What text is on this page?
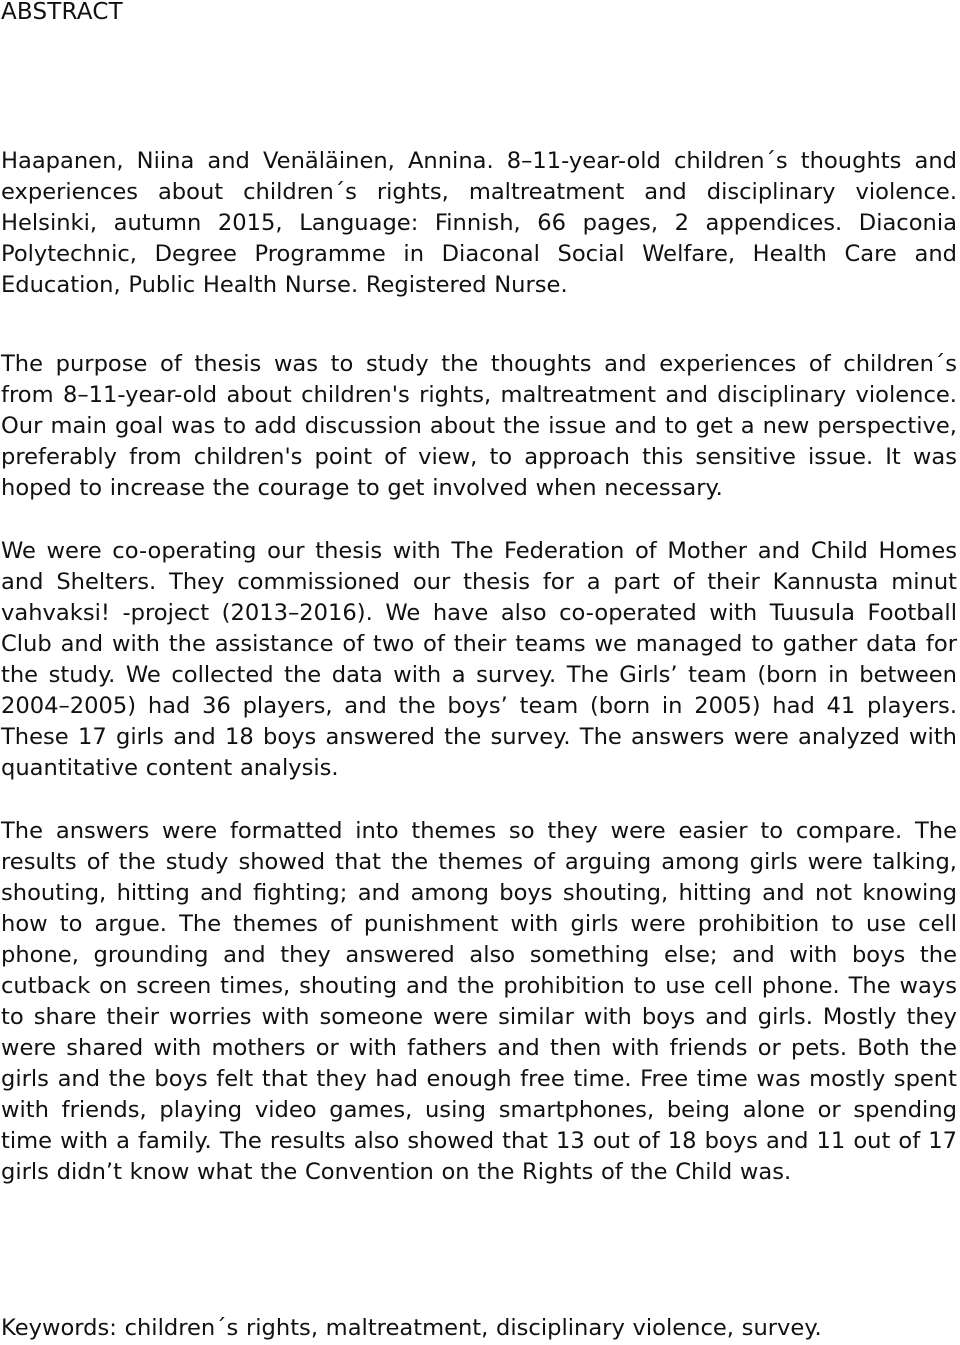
ABSTRACT

Haapanen, Niina and Venäläinen, Annina. 8–11-year-old children´s thoughts and experiences about children´s rights, maltreatment and disciplinary violence. Helsinki, autumn 2015, Language: Finnish, 66 pages, 2 appendices. Diaconia Polytechnic, Degree Programme in Diaconal Social Welfare, Health Care and Education, Public Health Nurse. Registered Nurse.

The purpose of thesis was to study the thoughts and experiences of children´s from 8–11-year-old about children's rights, maltreatment and disciplinary violence. Our main goal was to add discussion about the issue and to get a new perspective, preferably from children's point of view, to approach this sensitive issue. It was hoped to increase the courage to get involved when necessary.

We were co-operating our thesis with The Federation of Mother and Child Homes and Shelters. They commissioned our thesis for a part of their Kannusta minut vahvaksi! -project (2013–2016). We have also co-operated with Tuusula Football Club and with the assistance of two of their teams we managed to gather data for the study. We collected the data with a survey. The Girls’ team (born in between 2004–2005) had 36 players, and the boys’ team (born in 2005) had 41 players. These 17 girls and 18 boys answered the survey. The answers were analyzed with quantitative content analysis.

The answers were formatted into themes so they were easier to compare. The results of the study showed that the themes of arguing among girls were talking, shouting, hitting and fighting; and among boys shouting, hitting and not knowing how to argue. The themes of punishment with girls were prohibition to use cell phone, grounding and they answered also something else; and with boys the cutback on screen times, shouting and the prohibition to use cell phone. The ways to share their worries with someone were similar with boys and girls. Mostly they were shared with mothers or with fathers and then with friends or pets. Both the girls and the boys felt that they had enough free time. Free time was mostly spent with friends, playing video games, using smartphones, being alone or spending time with a family. The results also showed that 13 out of 18 boys and 11 out of 17 girls didn’t know what the Convention on the Rights of the Child was.

Keywords: children´s rights, maltreatment, disciplinary violence, survey.
